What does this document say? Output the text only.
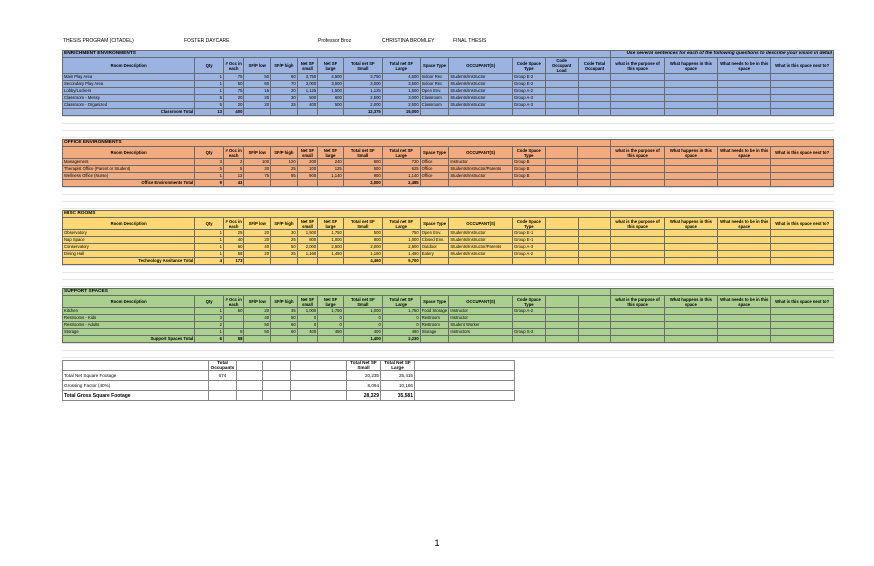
THESIS PROGRAM (CITADEL)	FOSTER DAYCARE	Professor Broz	CHRISTINA BROMLEY	FINAL THESIS
ENRICHMENT ENVIRONMENTS														Use several sentences for each of the following questions to describe your vision in detail			
Room Description	Qty	# Occ in each	SF/P low	SF/P high	Net SF small	Net SF large	Total net SF Small	Total net SF Large	Space Type	OCCUPANT(S)	Code Space Type	Code Occupant Load	Code Total Occupant	what is the purpose of this space	What happens in this space	What needs to be in this space	What is this space next to?
Main Play Area	1	75	50	60	3,750	4,500	3,750	4,500	Indoor Rec	Students/Instructor	Group E-2						
Secondary Play Area	1	50	60	70	3,000	3,500	3,000	3,500	Indoor Rec	Students/Instructor	Group E-2						
Lobby/Lockers	1	75	15	20	1,125	1,500	1,125	1,500	Open Env.	Students/Instructor	Group A-2						
Classroom - Messy	5	20	25	30	500	600	2,500	3,000	Classroom	Students/Instructor	Group A-3						
Classroom - Organized	5	20	20	25	400	500	2,000	2,500	Classroom	Students/Instructor	Group A-3						
Classroom Total	13	400					12,375	15,000									
OFFICE ENVIRONMENTS																	
Room Description	Qty	# Occ in each	SF/P low	SF/P high	Net SF small	Net SF large	Total net SF Small	Total net SF Large	Space Type	OCCUPANT(S)	Code Space Type			what is the purpose of this space	What happens in this space	What needs to be in this space	What is this space next to?
Management	3	2	100	120	200	240	600	720	Office	Instructor	Group B						
Therapist Office (Parent or Student)	5	5	20	25	100	125	500	625	Office	Students/Instructor/Parents	Group B						
Wellness Office (Nurse)	1	12	75	95	900	1,140	900	1,140	Office	Students/Instructor	Group B						
Office Environments Total	9	43					2,000	2,485									
MISC ROOMS																	
Room Description	Qty	# Occ in each	SF/P low	SF/P high	Net SF small	Net SF large	Total net SF Small	Total net SF Large	Space Type	OCCUPANT(S)	Code Space Type			what is the purpose of this space	What happens in this space	What needs to be in this space	What is this space next to?
Observatory	1	25	20	30	1,500	1,750	500	750	Open Env.	Students/Instructor	Group E-1						
Nap Space	1	40	20	25	800	1,000	800	1,000	Closed Env.	Students/Instructor	Group E-1						
Conservatory	1	50	40	50	2,000	2,500	2,000	2,500	Outdoor	Students/Instructor/Parents	Group A-3						
Dining Hall	1	58	20	25	1,160	1,450	1,160	1,450	Eatery	Students/Instructor	Group A-2						
Technology Assitance Total	4	173					4,460	5,700									
SUPPORT SPACES																	
Room Description	Qty	# Occ in each	SF/P low	SF/P high	Net SF small	Net SF large	Total net SF Small	Total net SF Large	Space Type	OCCUPANT(S)	Code Space Type			what is the purpose of this space	What happens in this space	What needs to be in this space	What is this space next to?
Kitchen	1	50	20	35	1,000	1,750	1,000	1,750	Food Storage	Instructor	Group A-2						
Restrooms - Kids	3		40	50	0	0	0	0	Restroom	Instructor							
Restrooms - Adults	2		50	60	0	0	0	0	Restroom	Student Worker							
Storage	1	8	50	60	400	480	400	480	Storage	Instructors	Group S-2						
Support Spaces Total	6	58					1,400	2,230									
	Total Occupants				Total Net SF Small	Total Net SF Large	
Total Net Square Footage	674				20,235	25,415	
Grossing Factor (40%)					8,094	10,166	
Total Gross Square Footage					28,329	35,581	
1
